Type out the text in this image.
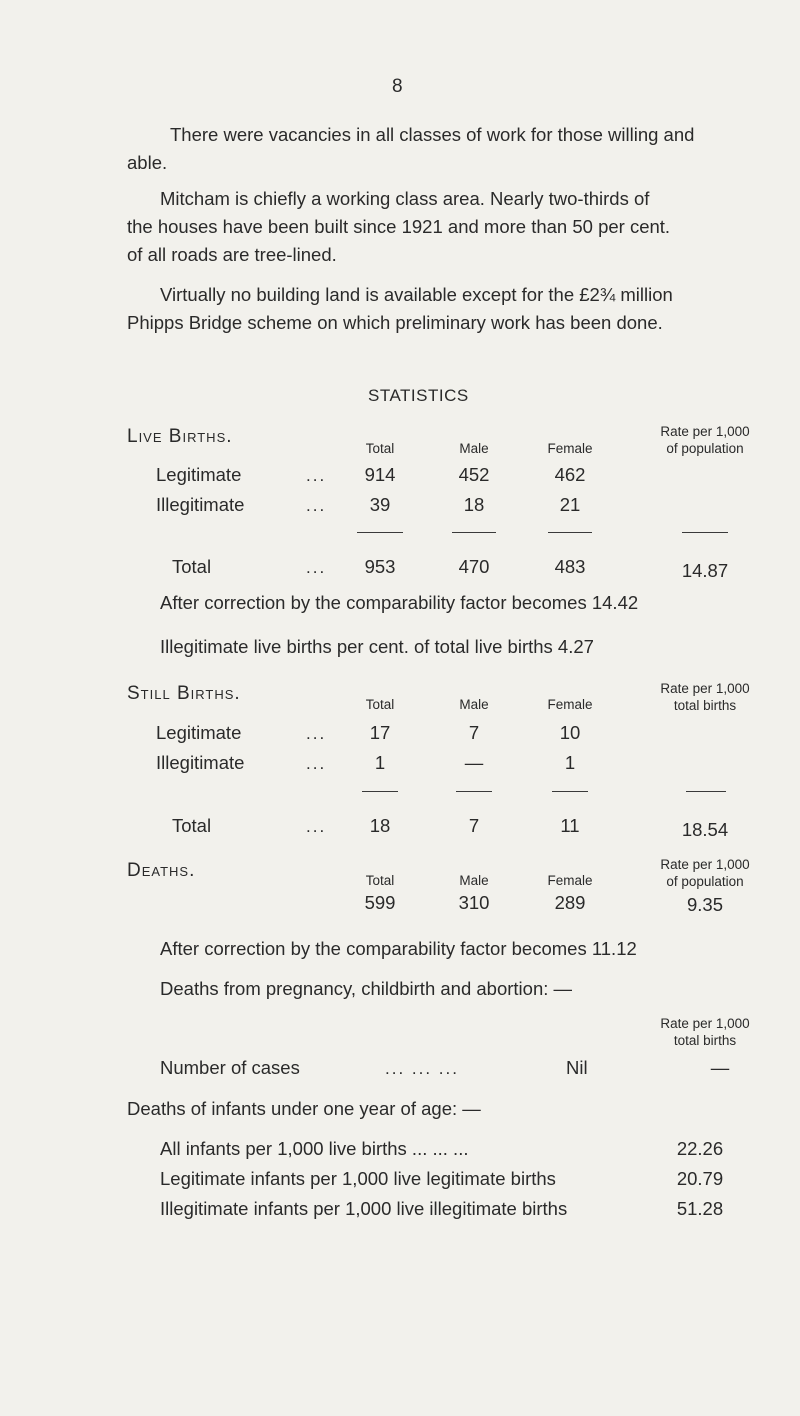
8
There were vacancies in all classes of work for those willing and
able.
Mitcham is chiefly a working class area. Nearly two-thirds of
the houses have been built since 1921 and more than 50 per cent.
of all roads are tree-lined.
Virtually no building land is available except for the £2¾ million
Phipps Bridge scheme on which preliminary work has been done.
STATISTICS
Live Births.
Total	Male	Female
Rate per 1,000
of population
Legitimate	...	914	452	462
Illegitimate	...	39	18	21
Total	...	953	470	483	14.87
After correction by the comparability factor becomes 14.42
Illegitimate live births per cent. of total live births 4.27
Still Births.
Total	Male	Female
Rate per 1,000
total births
Legitimate	...	17	7	10
Illegitimate	...	1	—	1
Total	...	18	7	11	18.54
Deaths.	Total	Male	Female
Rate per 1,000
of population
599	310	289	9.35
After correction by the comparability factor becomes 11.12
Deaths from pregnancy, childbirth and abortion: —
Rate per 1,000
total births
Number of cases	... ... ...	Nil	—
Deaths of infants under one year of age: —
All infants per 1,000 live births ... ... ...	22.26
Legitimate infants per 1,000 live legitimate births	20.79
Illegitimate infants per 1,000 live illegitimate births	51.28
